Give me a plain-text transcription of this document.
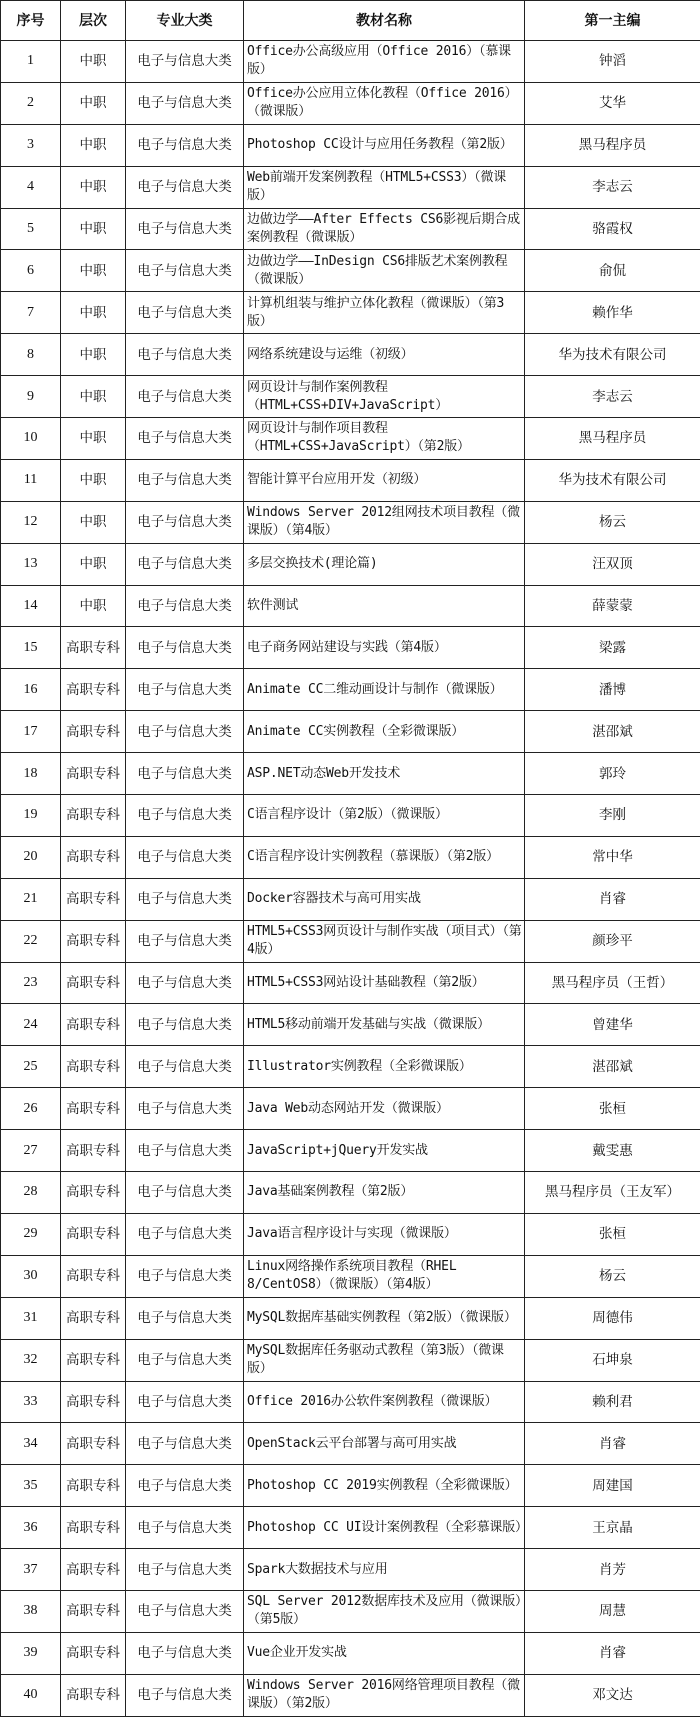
序号	层次	专业大类	教材名称	第一主编
1	中职	电子与信息大类	Office办公高级应用（Office 2016）（慕课版）	钟滔
2	中职	电子与信息大类	Office办公应用立体化教程（Office 2016）（微课版）	艾华
3	中职	电子与信息大类	Photoshop CC设计与应用任务教程（第2版）	黑马程序员
4	中职	电子与信息大类	Web前端开发案例教程（HTML5+CSS3）（微课版）	李志云
5	中职	电子与信息大类	边做边学——After Effects CS6影视后期合成案例教程（微课版）	骆霞权
6	中职	电子与信息大类	边做边学——InDesign CS6排版艺术案例教程（微课版）	俞侃
7	中职	电子与信息大类	计算机组装与维护立体化教程（微课版）（第3版）	赖作华
8	中职	电子与信息大类	网络系统建设与运维（初级）	华为技术有限公司
9	中职	电子与信息大类	网页设计与制作案例教程（HTML+CSS+DIV+JavaScript）	李志云
10	中职	电子与信息大类	网页设计与制作项目教程（HTML+CSS+JavaScript）（第2版）	黑马程序员
11	中职	电子与信息大类	智能计算平台应用开发（初级）	华为技术有限公司
12	中职	电子与信息大类	Windows Server 2012组网技术项目教程（微课版）（第4版）	杨云
13	中职	电子与信息大类	多层交换技术(理论篇)	汪双顶
14	中职	电子与信息大类	软件测试	薛蒙蒙
15	高职专科	电子与信息大类	电子商务网站建设与实践（第4版）	梁露
16	高职专科	电子与信息大类	Animate CC二维动画设计与制作（微课版）	潘博
17	高职专科	电子与信息大类	Animate CC实例教程（全彩微课版）	湛邵斌
18	高职专科	电子与信息大类	ASP.NET动态Web开发技术	郭玲
19	高职专科	电子与信息大类	C语言程序设计（第2版）（微课版）	李刚
20	高职专科	电子与信息大类	C语言程序设计实例教程（慕课版）（第2版）	常中华
21	高职专科	电子与信息大类	Docker容器技术与高可用实战	肖睿
22	高职专科	电子与信息大类	HTML5+CSS3网页设计与制作实战（项目式）（第4版）	颜珍平
23	高职专科	电子与信息大类	HTML5+CSS3网站设计基础教程（第2版）	黑马程序员（王哲）
24	高职专科	电子与信息大类	HTML5移动前端开发基础与实战（微课版）	曾建华
25	高职专科	电子与信息大类	Illustrator实例教程（全彩微课版）	湛邵斌
26	高职专科	电子与信息大类	Java Web动态网站开发（微课版）	张桓
27	高职专科	电子与信息大类	JavaScript+jQuery开发实战	戴雯惠
28	高职专科	电子与信息大类	Java基础案例教程（第2版）	黑马程序员（王友军）
29	高职专科	电子与信息大类	Java语言程序设计与实现（微课版）	张桓
30	高职专科	电子与信息大类	Linux网络操作系统项目教程（RHEL 8/CentOS8）（微课版）（第4版）	杨云
31	高职专科	电子与信息大类	MySQL数据库基础实例教程（第2版）（微课版）	周德伟
32	高职专科	电子与信息大类	MySQL数据库任务驱动式教程（第3版）（微课版）	石坤泉
33	高职专科	电子与信息大类	Office 2016办公软件案例教程（微课版）	赖利君
34	高职专科	电子与信息大类	OpenStack云平台部署与高可用实战	肖睿
35	高职专科	电子与信息大类	Photoshop CC 2019实例教程（全彩微课版）	周建国
36	高职专科	电子与信息大类	Photoshop CC UI设计案例教程（全彩慕课版）	王京晶
37	高职专科	电子与信息大类	Spark大数据技术与应用	肖芳
38	高职专科	电子与信息大类	SQL Server 2012数据库技术及应用（微课版）（第5版）	周慧
39	高职专科	电子与信息大类	Vue企业开发实战	肖睿
40	高职专科	电子与信息大类	Windows Server 2016网络管理项目教程（微课版）（第2版）	邓文达
